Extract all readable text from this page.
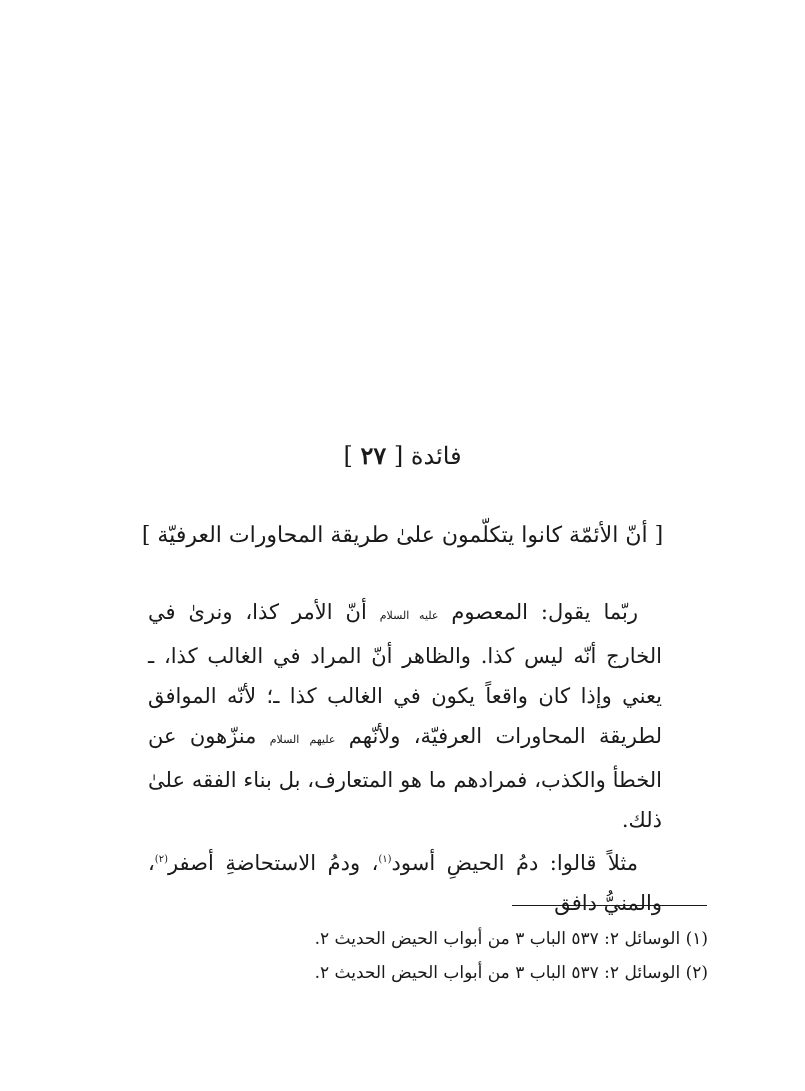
فائدة [ ٢٧ ]
[ أنّ الأئمّة كانوا يتكلّمون علىٰ طريقة المحاورات العرفيّة ]

ربّما يقول: المعصوم عليه السلام أنّ الأمر كذا، ونرىٰ في الخارج أنّه ليس كذا. والظاهر أنّ المراد في الغالب كذا، ـ يعني وإذا كان واقعاً يكون في الغالب كذا ـ؛ لأنّه الموافق لطريقة المحاورات العرفيّة، ولأنّهم عليهم السلام منزّهون عن الخطأ والكذب، فمرادهم ما هو المتعارف، بل بناء الفقه علىٰ ذلك.

مثلاً قالوا: دمُ الحيضِ أسود$^{(١)}$، ودمُ الاستحاضةِ أصفر$^{(٢)}$، والمنيُّ دافق

(١) الوسائل ٢: ٥٣٧ الباب ٣ من أبواب الحيض الحديث ٢.
(٢) الوسائل ٢: ٥٣٧ الباب ٣ من أبواب الحيض الحديث ٢.
